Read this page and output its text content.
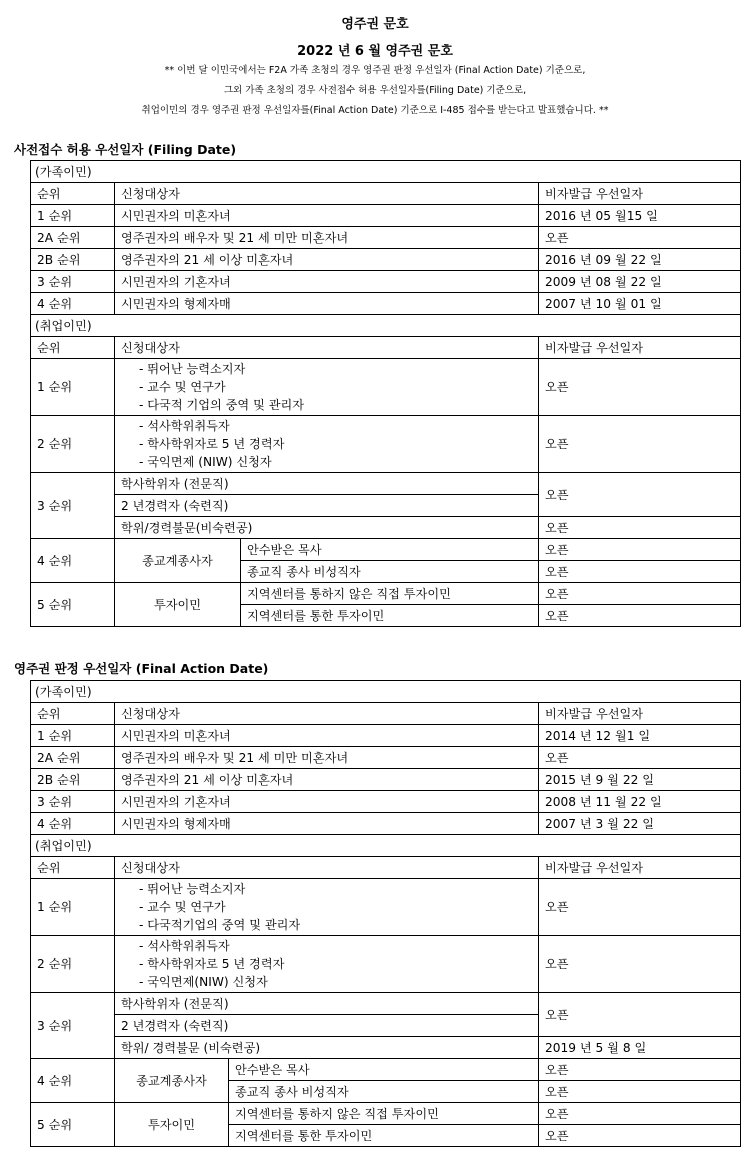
영주권 문호
2022 년 6 월 영주권 문호
** 이번 달 이민국에서는 F2A 가족 초청의 경우 영주권 판정 우선일자 (Final Action Date) 기준으로,
그외 가족 초청의 경우 사전접수 허용 우선일자를(Filing Date) 기준으로,
취업이민의 경우 영주권 판정 우선일자를(Final Action Date) 기준으로 I-485 접수를 받는다고 발표했습니다. **
사전접수 허용 우선일자 (Filing Date)
(가족이민)			
순위	신청대상자		비자발급 우선일자
1 순위	시민권자의 미혼자녀		2016 년 05 월15 일
2A 순위	영주권자의 배우자 및 21 세 미만 미혼자녀		오픈
2B 순위	영주권자의 21 세 이상 미혼자녀		2016 년 09 월 22 일
3 순위	시민권자의 기혼자녀		2009 년 08 월 22 일
4 순위	시민권자의 형제자매		2007 년 10 월 01 일
(취업이민)			
순위	신청대상자		비자발급 우선일자
1 순위	- 뛰어난 능력소지자
- 교수 및 연구가
- 다국적 기업의 중역 및 관리자		오픈
2 순위	- 석사학위취득자
- 학사학위자로 5 년 경력자
- 국익면제 (NIW) 신청자		오픈
3 순위	학사학위자 (전문직)		오픈
	2 년경력자 (숙련직)		
	학위/경력불문(비숙련공)		오픈
4 순위	종교계종사자	안수받은 목사	오픈
		종교직 종사 비성직자	오픈
5 순위	투자이민	지역센터를 통하지 않은 직접 투자이민	오픈
		지역센터를 통한 투자이민	오픈
영주권 판정 우선일자 (Final Action Date)
(가족이민)			
순위	신청대상자		비자발급 우선일자
1 순위	시민권자의 미혼자녀		2014 년 12 월1 일
2A 순위	영주권자의 배우자 및 21 세 미만 미혼자녀		오픈
2B 순위	영주권자의 21 세 이상 미혼자녀		2015 년 9 월 22 일
3 순위	시민권자의 기혼자녀		2008 년 11 월 22 일
4 순위	시민권자의 형제자매		2007 년 3 월 22 일
(취업이민)			
순위	신청대상자		비자발급 우선일자
1 순위	- 뛰어난 능력소지자
- 교수 및 연구가
- 다국적기업의 중역 및 관리자		오픈
2 순위	- 석사학위취득자
- 학사학위자로 5 년 경력자
- 국익면제(NIW) 신청자		오픈
3 순위	학사학위자 (전문직)		오픈
	2 년경력자 (숙련직)		
	학위/ 경력불문 (비숙련공)		2019 년 5 월 8 일
4 순위	종교계종사자	안수받은 목사	오픈
		종교직 종사 비성직자	오픈
5 순위	투자이민	지역센터를 통하지 않은 직접 투자이민	오픈
		지역센터를 통한 투자이민	오픈
